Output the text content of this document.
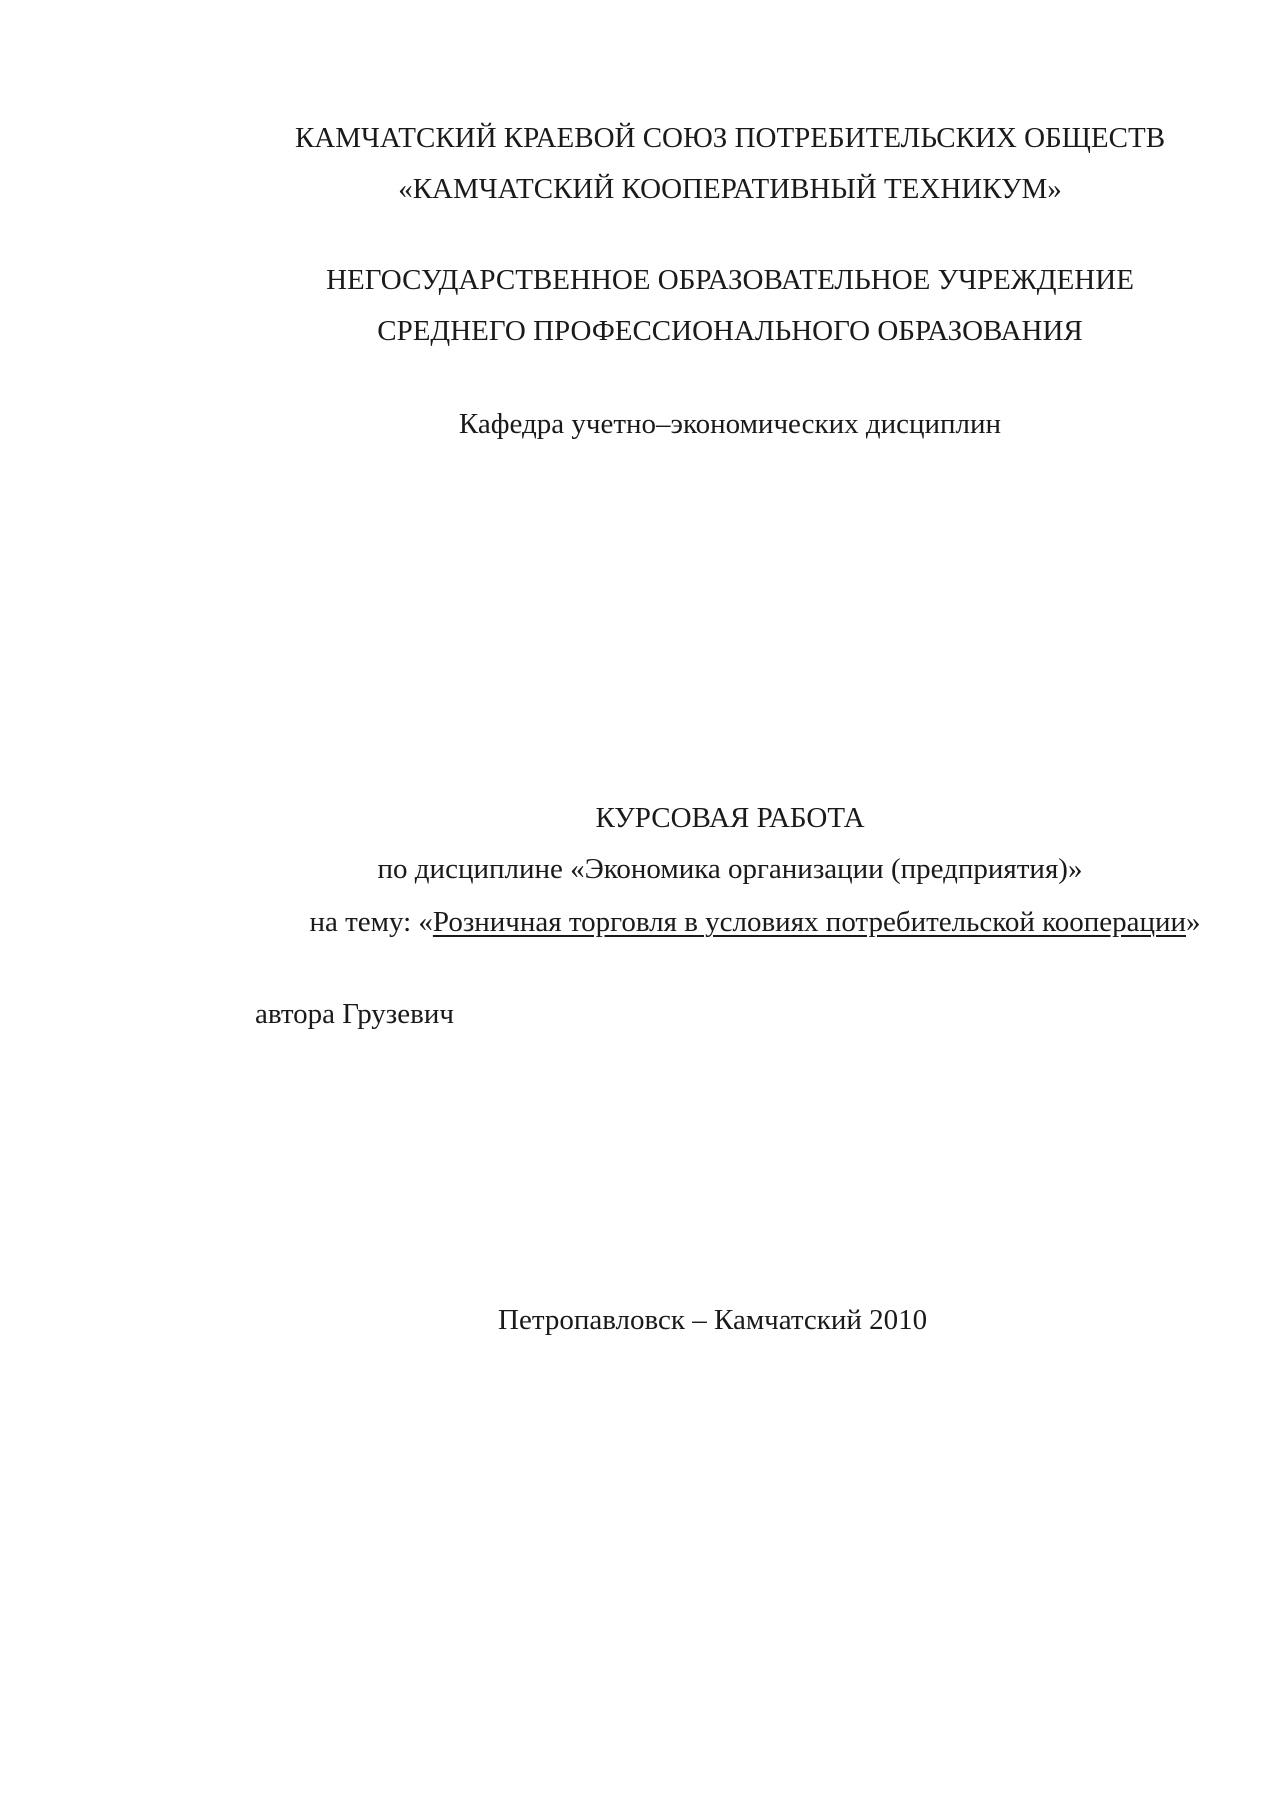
КАМЧАТСКИЙ КРАЕВОЙ СОЮЗ ПОТРЕБИТЕЛЬСКИХ ОБЩЕСТВ
«КАМЧАТСКИЙ КООПЕРАТИВНЫЙ ТЕХНИКУМ»
НЕГОСУДАРСТВЕННОЕ ОБРАЗОВАТЕЛЬНОЕ УЧРЕЖДЕНИЕ
СРЕДНЕГО ПРОФЕССИОНАЛЬНОГО ОБРАЗОВАНИЯ
Кафедра учетно–экономических дисциплин
КУРСОВАЯ РАБОТА
по дисциплине «Экономика организации (предприятия)»
на тему: «Розничная торговля в условиях потребительской кооперации»
автора Грузевич
Петропавловск – Камчатский 2010
